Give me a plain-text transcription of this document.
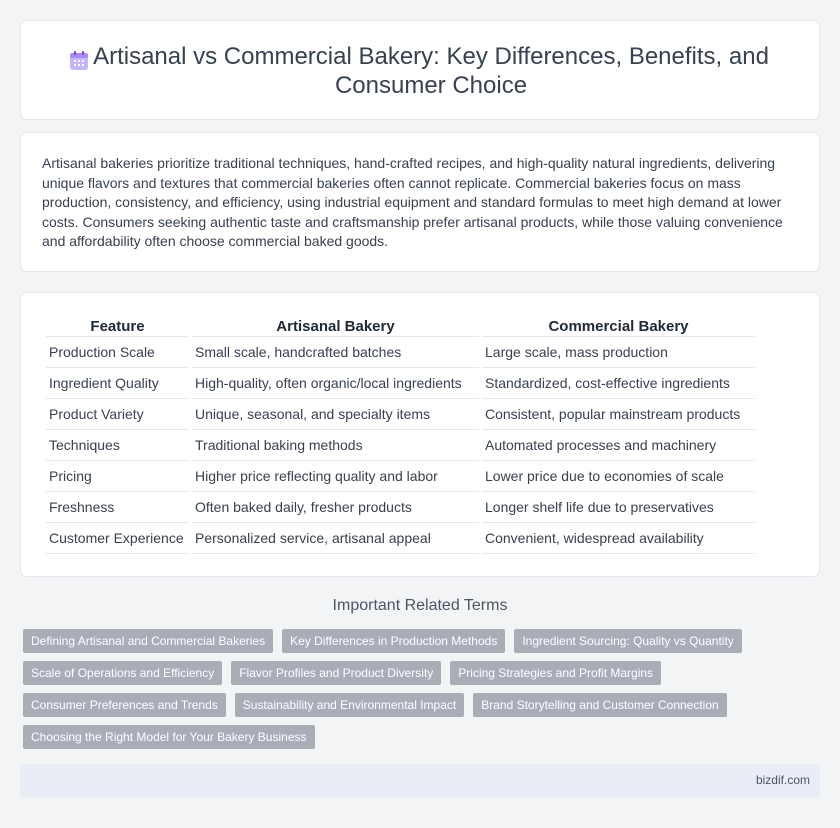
Artisanal vs Commercial Bakery: Key Differences, Benefits, and Consumer Choice

Artisanal bakeries prioritize traditional techniques, hand-crafted recipes, and high-quality natural ingredients, delivering unique flavors and textures that commercial bakeries often cannot replicate. Commercial bakeries focus on mass production, consistency, and efficiency, using industrial equipment and standard formulas to meet high demand at lower costs. Consumers seeking authentic taste and craftsmanship prefer artisanal products, while those valuing convenience and affordability often choose commercial baked goods.

Feature	Artisanal Bakery	Commercial Bakery
Production Scale	Small scale, handcrafted batches	Large scale, mass production
Ingredient Quality	High-quality, often organic/local ingredients	Standardized, cost-effective ingredients
Product Variety	Unique, seasonal, and specialty items	Consistent, popular mainstream products
Techniques	Traditional baking methods	Automated processes and machinery
Pricing	Higher price reflecting quality and labor	Lower price due to economies of scale
Freshness	Often baked daily, fresher products	Longer shelf life due to preservatives
Customer Experience	Personalized service, artisanal appeal	Convenient, widespread availability
Important Related Terms
Defining Artisanal and Commercial Bakeries	Key Differences in Production Methods	Ingredient Sourcing: Quality vs Quantity
Scale of Operations and Efficiency	Flavor Profiles and Product Diversity	Pricing Strategies and Profit Margins
Consumer Preferences and Trends	Sustainability and Environmental Impact	Brand Storytelling and Customer Connection
Choosing the Right Model for Your Bakery Business
bizdif.com
